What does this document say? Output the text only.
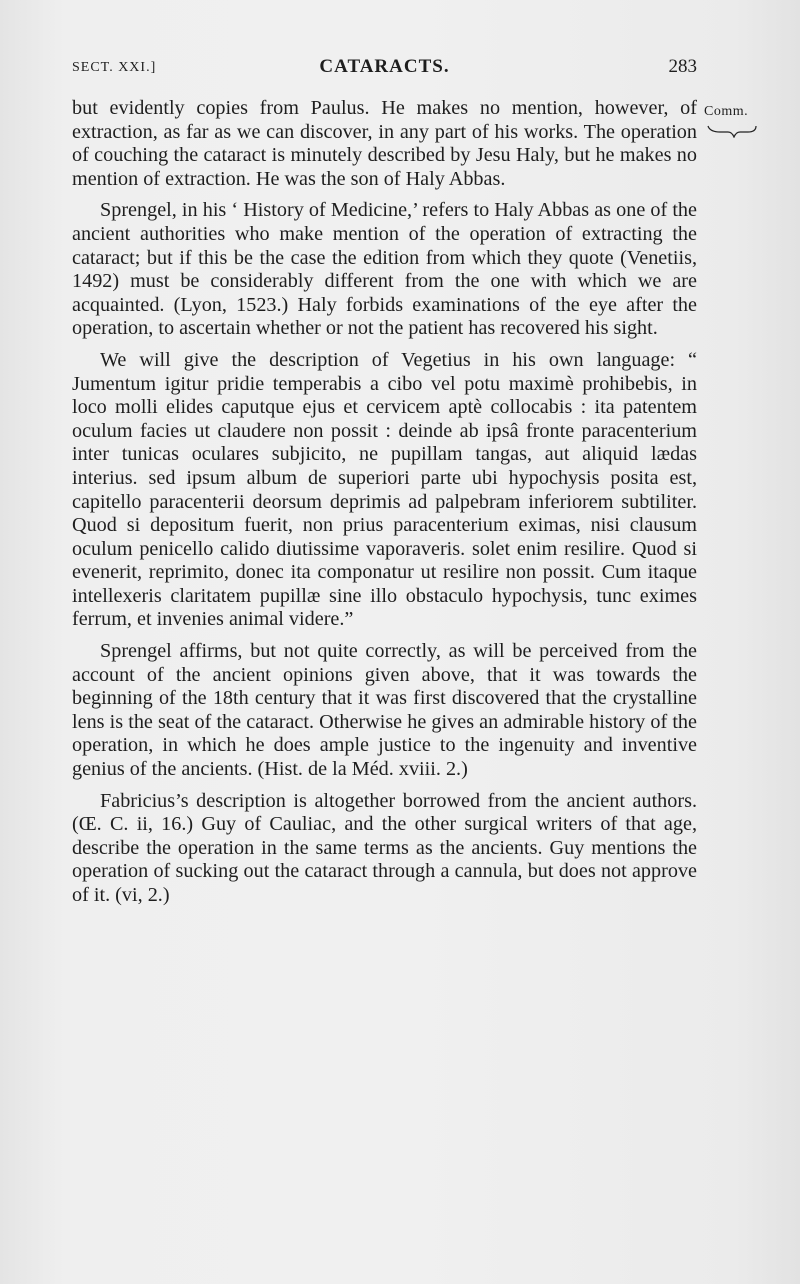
SECT. XXI.]	CATARACTS.	283
Comm.

but evidently copies from Paulus. He makes no mention, however, of extraction, as far as we can discover, in any part of his works. The operation of couching the cataract is minutely described by Jesu Haly, but he makes no mention of extraction. He was the son of Haly Abbas.

Sprengel, in his ‘ History of Medicine,’ refers to Haly Abbas as one of the ancient authorities who make mention of the operation of extracting the cataract; but if this be the case the edition from which they quote (Venetiis, 1492) must be considerably different from the one with which we are acquainted. (Lyon, 1523.) Haly forbids examinations of the eye after the operation, to ascertain whether or not the patient has recovered his sight.

We will give the description of Vegetius in his own language: “ Jumentum igitur pridie temperabis a cibo vel potu maximè prohibebis, in loco molli elides caputque ejus et cervicem aptè collocabis : ita patentem oculum facies ut claudere non possit : deinde ab ipsâ fronte paracenterium inter tunicas oculares subjicito, ne pupillam tangas, aut aliquid lædas interius. sed ipsum album de superiori parte ubi hypochysis posita est, capitello paracenterii deorsum deprimis ad palpebram inferiorem subtiliter. Quod si depositum fuerit, non prius paracenterium eximas, nisi clausum oculum penicello calido diutissime vaporaveris. solet enim resilire. Quod si evenerit, reprimito, donec ita componatur ut resilire non possit. Cum itaque intellexeris claritatem pupillæ sine illo obstaculo hypochysis, tunc eximes ferrum, et invenies animal videre.”

Sprengel affirms, but not quite correctly, as will be perceived from the account of the ancient opinions given above, that it was towards the beginning of the 18th century that it was first discovered that the crystalline lens is the seat of the cataract. Otherwise he gives an admirable history of the operation, in which he does ample justice to the ingenuity and inventive genius of the ancients. (Hist. de la Méd. xviii. 2.)

Fabricius’s description is altogether borrowed from the ancient authors. (Œ. C. ii, 16.) Guy of Cauliac, and the other surgical writers of that age, describe the operation in the same terms as the ancients. Guy mentions the operation of sucking out the cataract through a cannula, but does not approve of it. (vi, 2.)
